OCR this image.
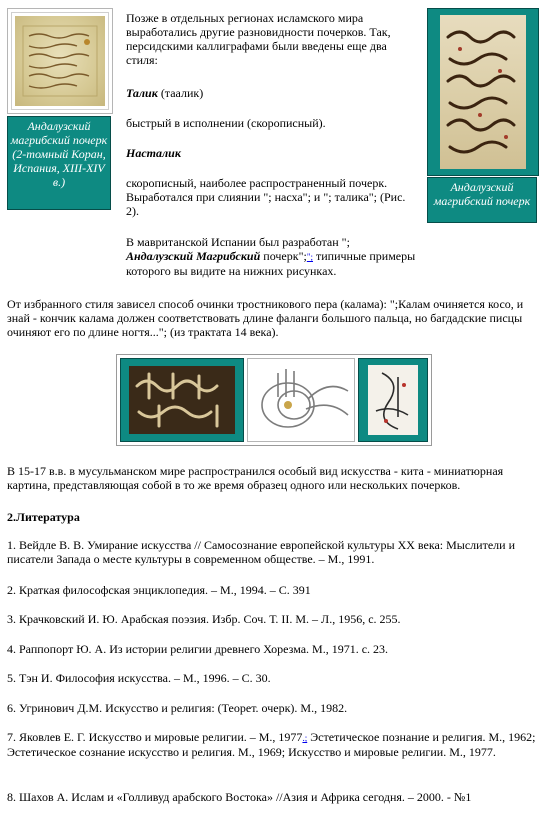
Андалузский магрибский почерк (2-томный Коран, Испания, XIII-XIV в.)	Андалузский магрибский почерк

Позже в отдельных регионах исламского мира выработались другие разновидности почерков. Так, персидскими каллиграфами были введены еще два стиля:

Талик (таалик)

быстрый в исполнении (скорописный).

Насталик

скорописный, наиболее распространенный почерк. Выработался при слиянии "; насха"; и "; талика"; (Рис. 2).

В мавританской Испании был разработан "; Андалузский Магрибский почерк";"; типичные примеры которого вы видите на нижних рисунках.

От избранного стиля зависел способ очинки тростникового пера (калама): ";Калам очиняется косо, и знай - кончик калама должен соответствовать длине фаланги большого пальца, но багдадские писцы очиняют его по длине ногтя..."; (из трактата 14 века).

В 15-17 в.в. в мусульманском мире распространился особый вид искусства - кита - миниатюрная картина, представляющая собой в то же время образец одного или нескольких почерков.

2.Литература

1. Вейдле В. В. Умирание искусства // Самосознание европейской культуры XX века: Мыслители и писатели Запада о месте культуры в современном обществе. – М., 1991.

2. Краткая философская энциклопедия. – М., 1994. – С. 391

3. Крачковский И. Ю. Арабская поэзия. Избр. Соч. Т. II. М. – Л., 1956, с. 255.

4. Раппопорт Ю. А. Из истории религии древнего Хорезма. М., 1971. с. 23.

5. Тэн И. Философия искусства. – М., 1996. – С. 30.

6. Угринович Д.М. Искусство и религия: (Теорет. очерк). М., 1982.

7. Яковлев Е. Г. Искусство и мировые религии. – М., 1977.; Эстетическое познание и религия. М., 1962; Эстетическое сознание искусство и религия. М., 1969; Искусство и мировые религии. М., 1977.

8. Шахов А. Ислам и «Голливуд арабского Востока» //Азия и Африка сегодня. – 2000. - №1
